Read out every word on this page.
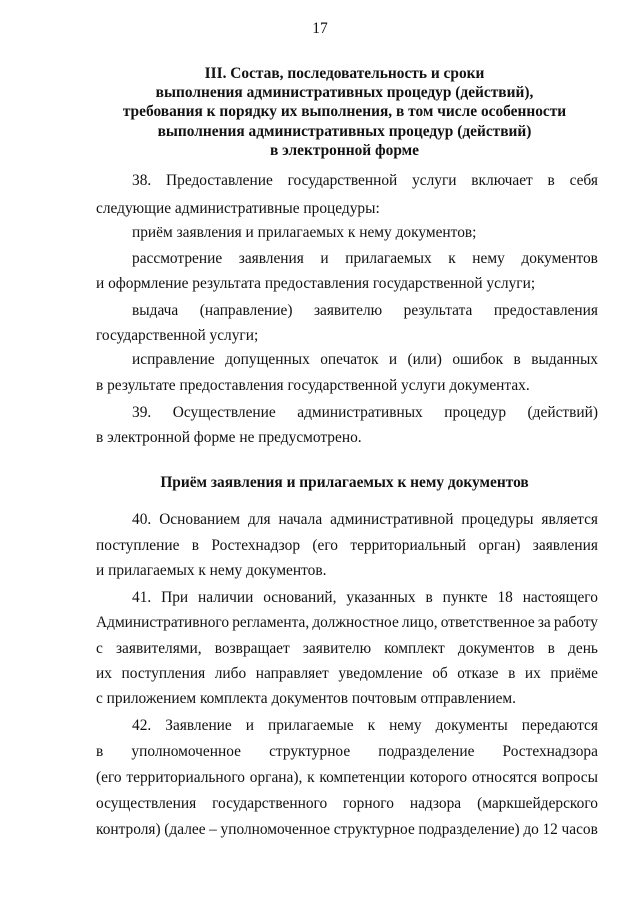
17
III. Состав, последовательность и сроки
выполнения административных процедур (действий),
требования к порядку их выполнения, в том числе особенности
выполнения административных процедур (действий)
в электронной форме
38. Предоставление государственной услуги включает в себя
следующие административные процедуры:
приём заявления и прилагаемых к нему документов;
рассмотрение заявления и прилагаемых к нему документов
и оформление результата предоставления государственной услуги;
выдача (направление) заявителю результата предоставления
государственной услуги;
исправление допущенных опечаток и (или) ошибок в выданных
в результате предоставления государственной услуги документах.
39. Осуществление административных процедур (действий)
в электронной форме не предусмотрено.
Приём заявления и прилагаемых к нему документов
40. Основанием для начала административной процедуры является
поступление в Ростехнадзор (его территориальный орган) заявления
и прилагаемых к нему документов.
41. При наличии оснований, указанных в пункте 18 настоящего
Административного регламента, должностное лицо, ответственное за работу
с заявителями, возвращает заявителю комплект документов в день
их поступления либо направляет уведомление об отказе в их приёме
с приложением комплекта документов почтовым отправлением.
42. Заявление и прилагаемые к нему документы передаются
в уполномоченное структурное подразделение Ростехнадзора
(его территориального органа), к компетенции которого относятся вопросы
осуществления государственного горного надзора (маркшейдерского
контроля) (далее – уполномоченное структурное подразделение) до 12 часов
